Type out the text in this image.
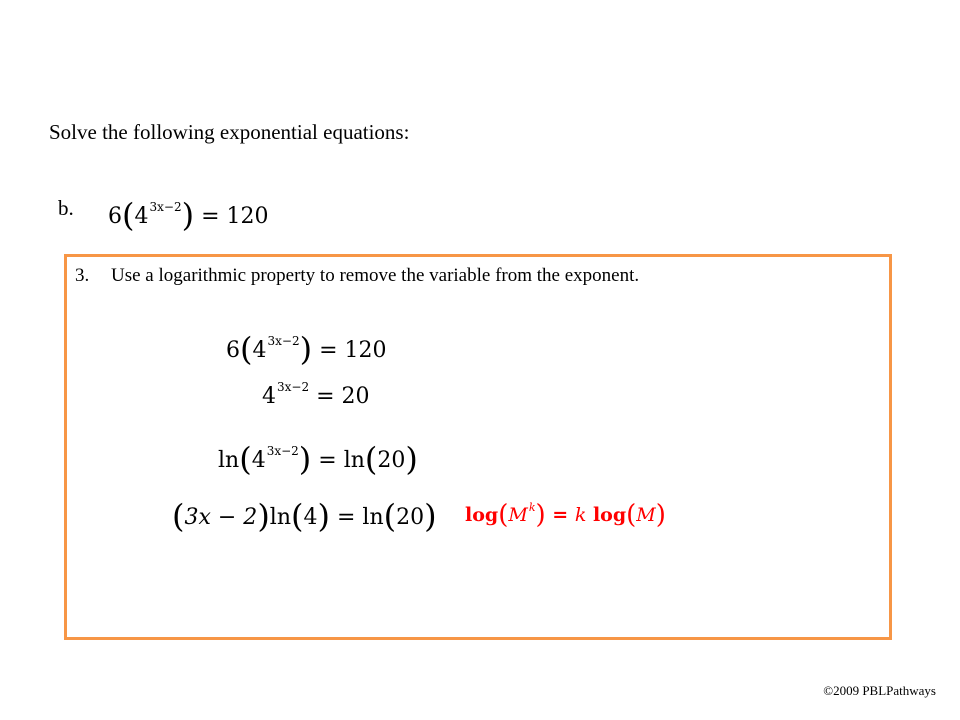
Solve the following exponential equations:
b. $6(4^{3x-2}) = 120$
3. Use a logarithmic property to remove the variable from the exponent.
$6(4^{3x-2}) = 120$
$4^{3x-2} = 20$
$\ln(4^{3x-2}) = \ln(20)$
(3x − 2)ln(4) = ln(20) $\log(M^k) = k$ log(M)
©2009 PBLPathways
